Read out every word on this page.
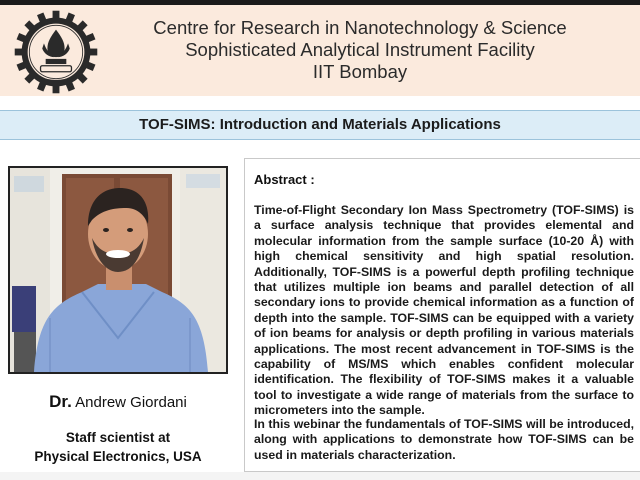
Centre for Research in Nanotechnology & Science
Sophisticated Analytical Instrument Facility
IIT Bombay
TOF-SIMS: Introduction and Materials Applications
Dr. Andrew Giordani
Staff scientist at
Physical Electronics, USA
Abstract :

Time-of-Flight Secondary Ion Mass Spectrometry (TOF-SIMS) is a surface analysis technique that provides elemental and molecular information from the sample surface (10-20 Å) with high chemical sensitivity and high spatial resolution. Additionally, TOF-SIMS is a powerful depth profiling technique that utilizes multiple ion beams and parallel detection of all secondary ions to provide chemical information as a function of depth into the sample. TOF-SIMS can be equipped with a variety of ion beams for analysis or depth profiling in various materials applications. The most recent advancement in TOF-SIMS is the capability of MS/MS which enables confident molecular identification. The flexibility of TOF-SIMS makes it a valuable tool to investigate a wide range of materials from the surface to micrometers into the sample.

In this webinar the fundamentals of TOF-SIMS will be introduced, along with applications to demonstrate how TOF-SIMS can be used in materials characterization.
